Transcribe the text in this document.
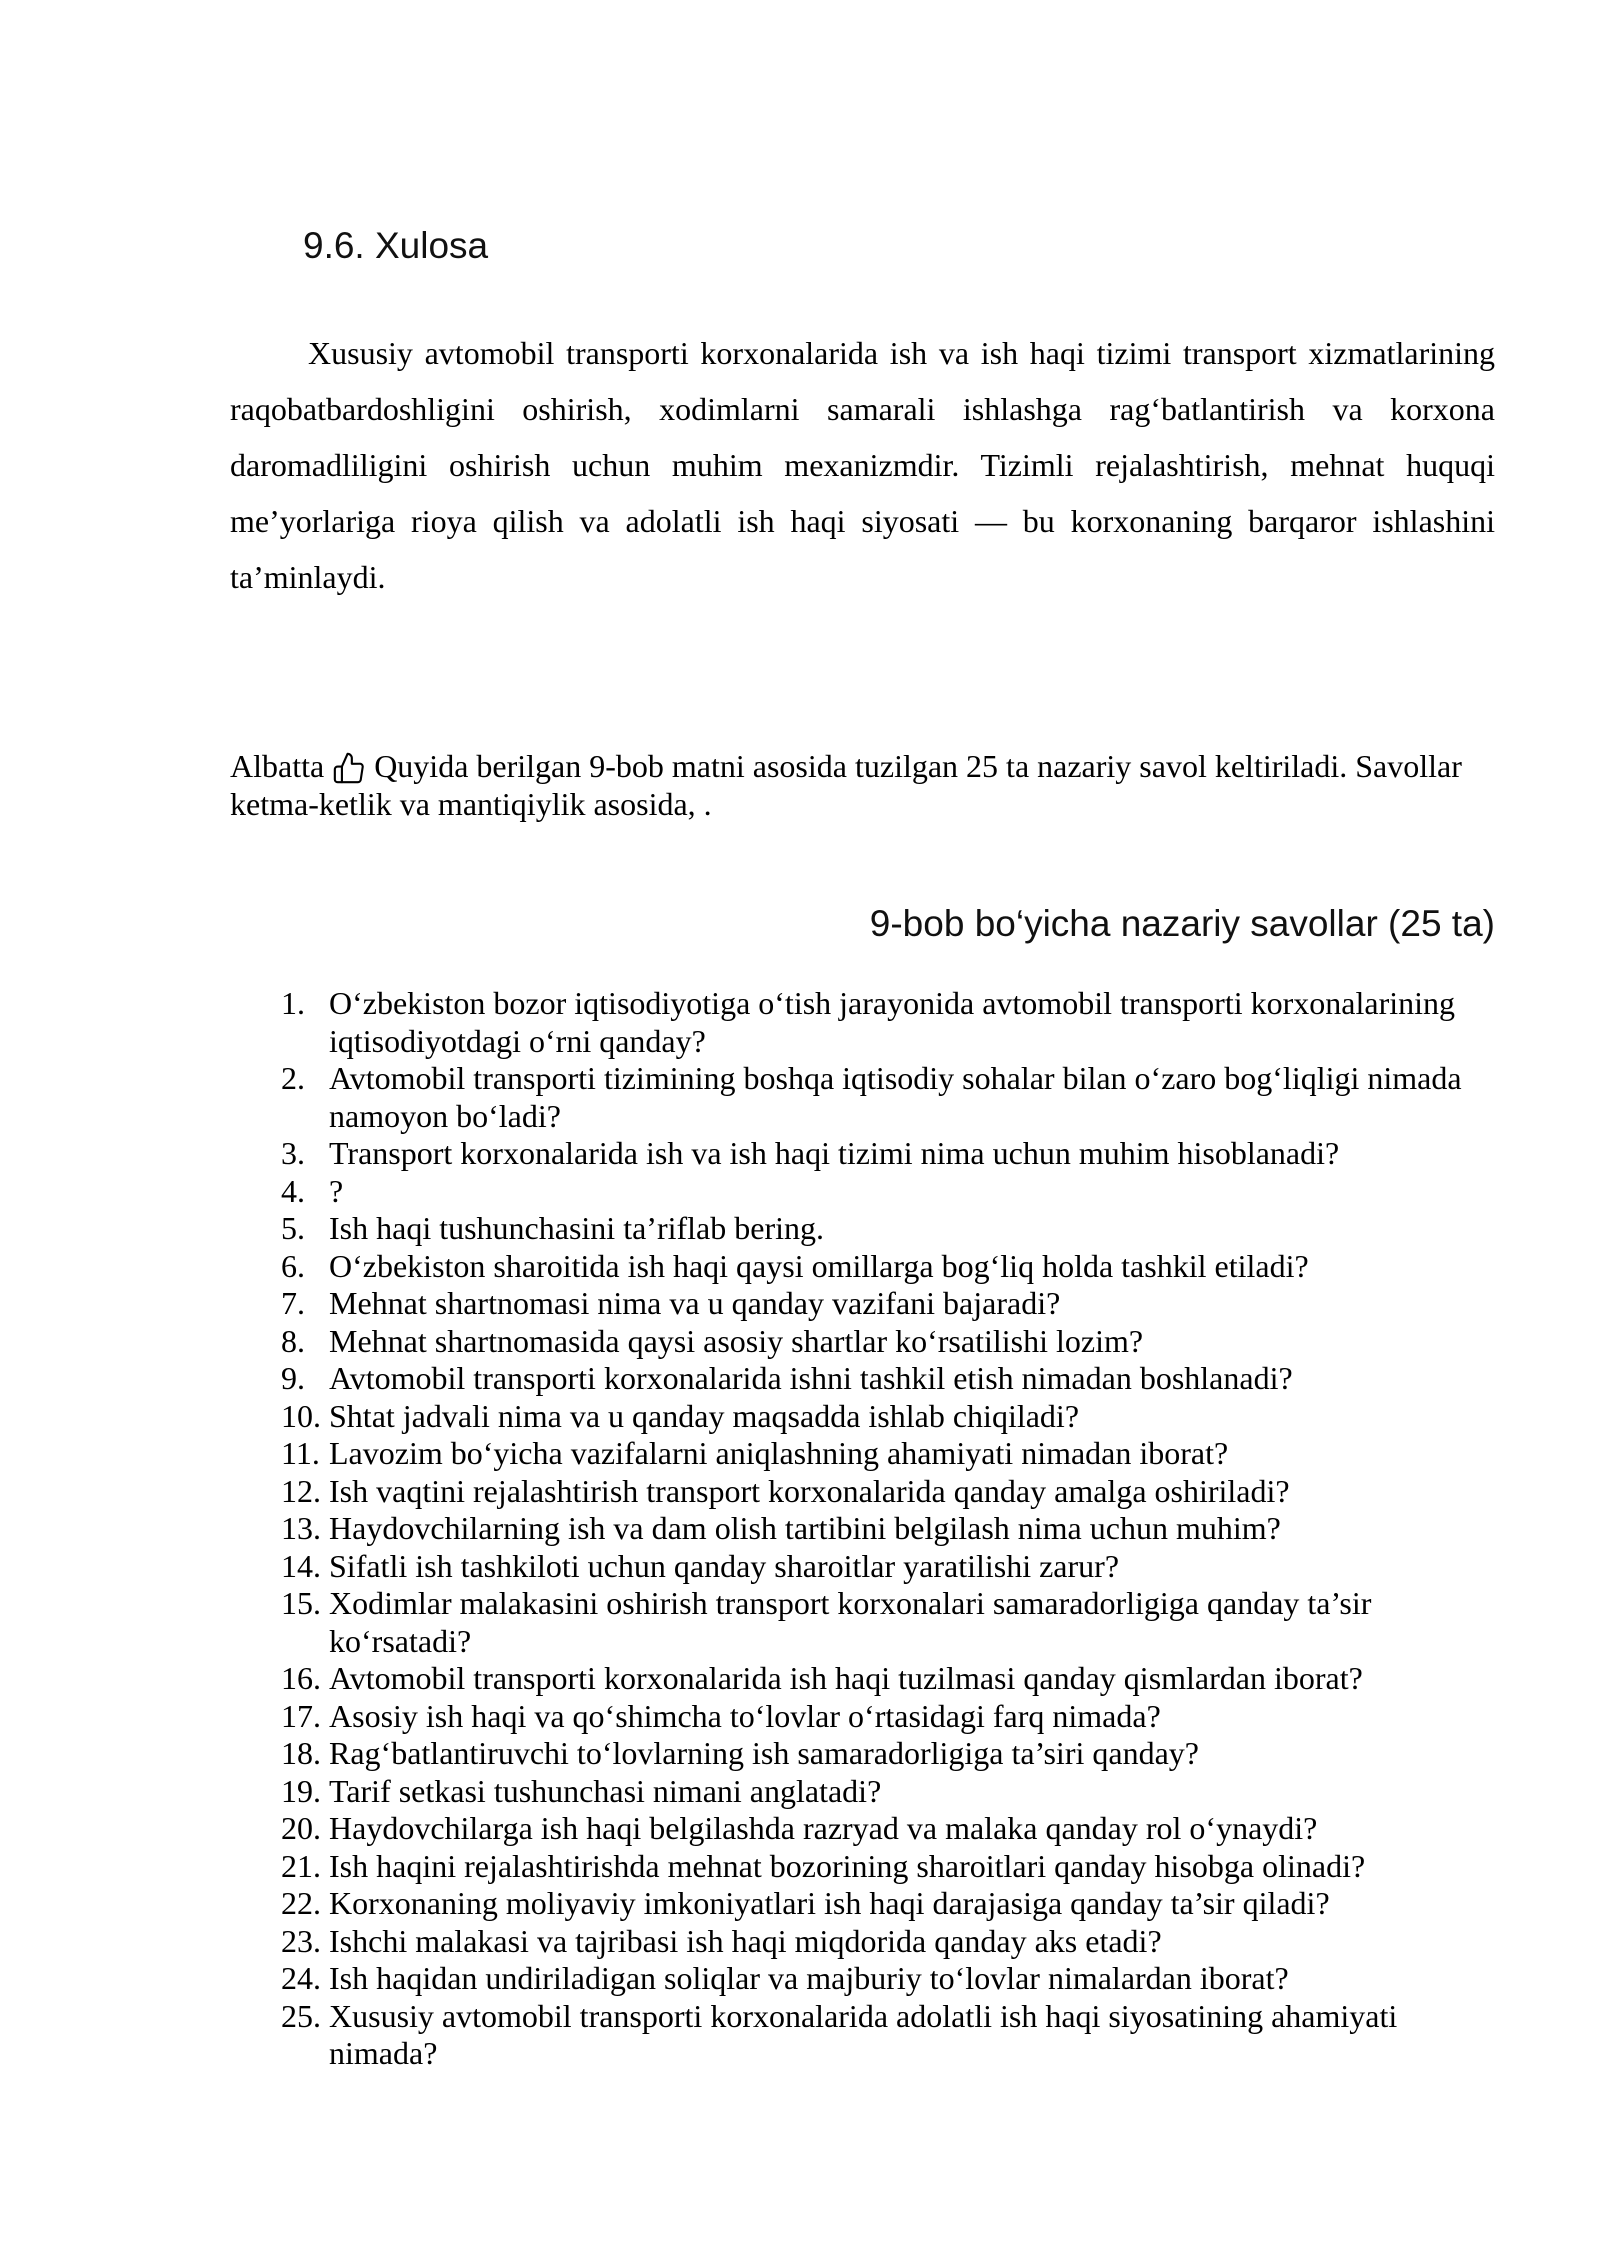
9.6. Xulosa
Xususiy avtomobil transporti korxonalarida ish va ish haqi tizimi transport xizmatlarining
raqobatbardoshligini oshirish, xodimlarni samarali ishlashga rag‘batlantirish va korxona
daromadliligini oshirish uchun muhim mexanizmdir. Tizimli rejalashtirish, mehnat huquqi
me’yorlariga rioya qilish va adolatli ish haqi siyosati — bu korxonaning barqaror ishlashini
ta’minlaydi.
Albatta Quyida berilgan 9-bob matni asosida tuzilgan 25 ta nazariy savol keltiriladi. Savollar
ketma-ketlik va mantiqiylik asosida, .
9-bob bo‘yicha nazariy savollar (25 ta)
1. O‘zbekiston bozor iqtisodiyotiga o‘tish jarayonida avtomobil transporti korxonalarining iqtisodiyotdagi o‘rni qanday?
2. Avtomobil transporti tizimining boshqa iqtisodiy sohalar bilan o‘zaro bog‘liqligi nimada namoyon bo‘ladi?
3. Transport korxonalarida ish va ish haqi tizimi nima uchun muhim hisoblanadi?
4. ?
5. Ish haqi tushunchasini ta’riflab bering.
6. O‘zbekiston sharoitida ish haqi qaysi omillarga bog‘liq holda tashkil etiladi?
7. Mehnat shartnomasi nima va u qanday vazifani bajaradi?
8. Mehnat shartnomasida qaysi asosiy shartlar ko‘rsatilishi lozim?
9. Avtomobil transporti korxonalarida ishni tashkil etish nimadan boshlanadi?
10. Shtat jadvali nima va u qanday maqsadda ishlab chiqiladi?
11. Lavozim bo‘yicha vazifalarni aniqlashning ahamiyati nimadan iborat?
12. Ish vaqtini rejalashtirish transport korxonalarida qanday amalga oshiriladi?
13. Haydovchilarning ish va dam olish tartibini belgilash nima uchun muhim?
14. Sifatli ish tashkiloti uchun qanday sharoitlar yaratilishi zarur?
15. Xodimlar malakasini oshirish transport korxonalari samaradorligiga qanday ta’sir ko‘rsatadi?
16. Avtomobil transporti korxonalarida ish haqi tuzilmasi qanday qismlardan iborat?
17. Asosiy ish haqi va qo‘shimcha to‘lovlar o‘rtasidagi farq nimada?
18. Rag‘batlantiruvchi to‘lovlarning ish samaradorligiga ta’siri qanday?
19. Tarif setkasi tushunchasi nimani anglatadi?
20. Haydovchilarga ish haqi belgilashda razryad va malaka qanday rol o‘ynaydi?
21. Ish haqini rejalashtirishda mehnat bozorining sharoitlari qanday hisobga olinadi?
22. Korxonaning moliyaviy imkoniyatlari ish haqi darajasiga qanday ta’sir qiladi?
23. Ishchi malakasi va tajribasi ish haqi miqdorida qanday aks etadi?
24. Ish haqidan undiriladigan soliqlar va majburiy to‘lovlar nimalardan iborat?
25. Xususiy avtomobil transporti korxonalarida adolatli ish haqi siyosatining ahamiyati nimada?
